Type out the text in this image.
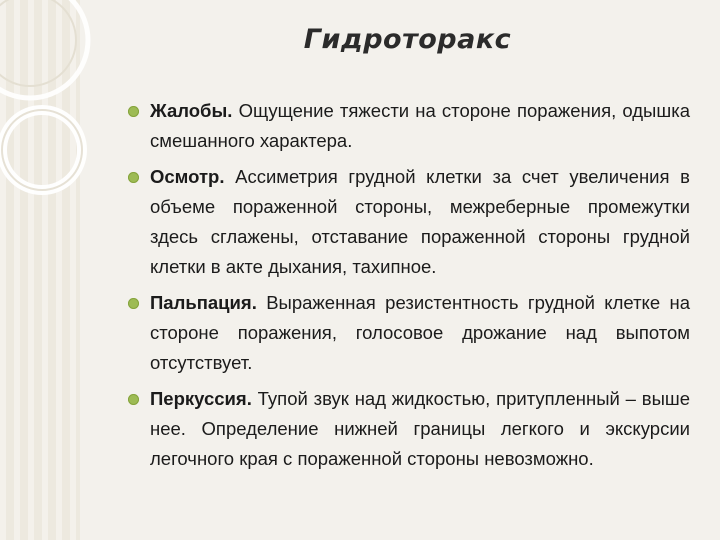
Гидроторакс
Жалобы. Ощущение тяжести на стороне поражения, одышка смешанного характера.
Осмотр. Ассиметрия грудной клетки за счет увеличения в объеме пораженной стороны, межреберные промежутки здесь сглажены, отставание пораженной стороны грудной клетки в акте дыхания, тахипное.
Пальпация. Выраженная резистентность грудной клетке на стороне поражения, голосовое дрожание над выпотом отсутствует.
Перкуссия. Тупой звук над жидкостью, притупленный – выше нее. Определение нижней границы легкого и экскурсии легочного края с пораженной стороны невозможно.
